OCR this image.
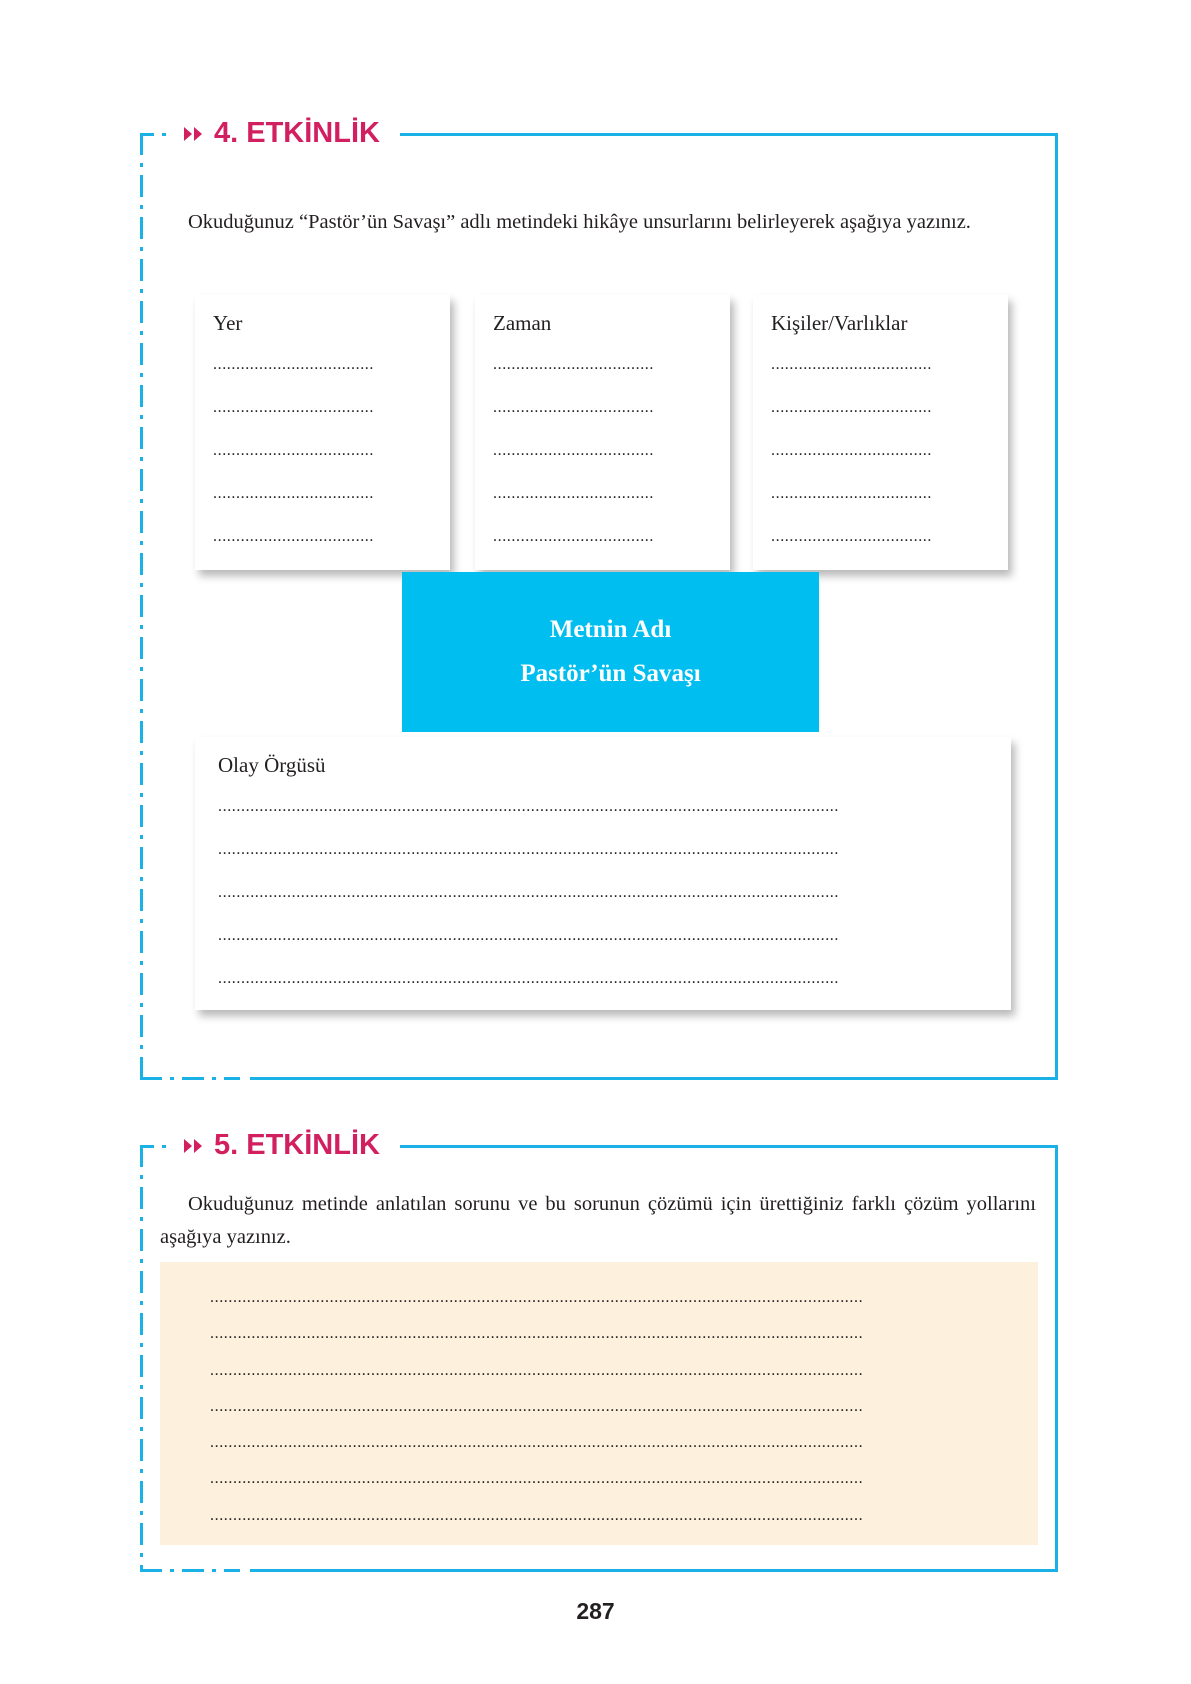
4. ETKİNLİK

Okuduğunuz “Pastör’ün Savaşı” adlı metindeki hikâye unsurlarını belirleyerek aşağıya yazınız.

Yer
...................................
...................................
...................................
...................................
...................................
Zaman
...................................
...................................
...................................
...................................
...................................
Kişiler/Varlıklar
...................................
...................................
...................................
...................................
...................................
Metnin Adı
Pastör’ün Savaşı
Olay Örgüsü
.......................................................................................................................................
.......................................................................................................................................
.......................................................................................................................................
.......................................................................................................................................
.......................................................................................................................................
5. ETKİNLİK

Okuduğunuz metinde anlatılan sorunu ve bu sorunun çözümü için ürettiğiniz farklı çözüm yollarını aşağıya yazınız.

..............................................................................................................................................
..............................................................................................................................................
..............................................................................................................................................
..............................................................................................................................................
..............................................................................................................................................
..............................................................................................................................................
..............................................................................................................................................
287
